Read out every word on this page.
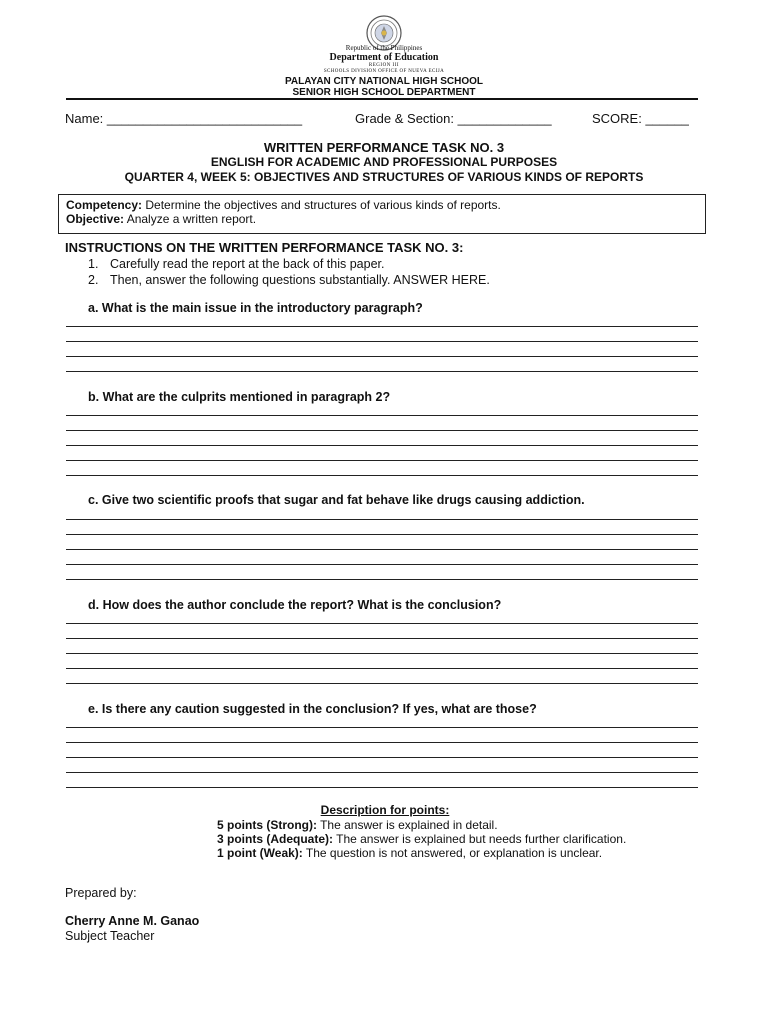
Republic of the Philippines
Department of Education
REGION III
SCHOOLS DIVISION OFFICE OF NUEVA ECIJA
PALAYAN CITY NATIONAL HIGH SCHOOL
SENIOR HIGH SCHOOL DEPARTMENT
Name: ___________________________	Grade & Section: _____________	SCORE: ______
WRITTEN PERFORMANCE TASK NO. 3
ENGLISH FOR ACADEMIC AND PROFESSIONAL PURPOSES
QUARTER 4, WEEK 5: OBJECTIVES AND STRUCTURES OF VARIOUS KINDS OF REPORTS
Competency: Determine the objectives and structures of various kinds of reports.
Objective: Analyze a written report.
INSTRUCTIONS ON THE WRITTEN PERFORMANCE TASK NO. 3:
1. Carefully read the report at the back of this paper.
2. Then, answer the following questions substantially. ANSWER HERE.
a. What is the main issue in the introductory paragraph?
b. What are the culprits mentioned in paragraph 2?
c. Give two scientific proofs that sugar and fat behave like drugs causing addiction.
d. How does the author conclude the report? What is the conclusion?
e. Is there any caution suggested in the conclusion? If yes, what are those?
Description for points:
5 points (Strong): The answer is explained in detail.
3 points (Adequate): The answer is explained but needs further clarification.
1 point (Weak): The question is not answered, or explanation is unclear.
Prepared by:
Cherry Anne M. Ganao
Subject Teacher
